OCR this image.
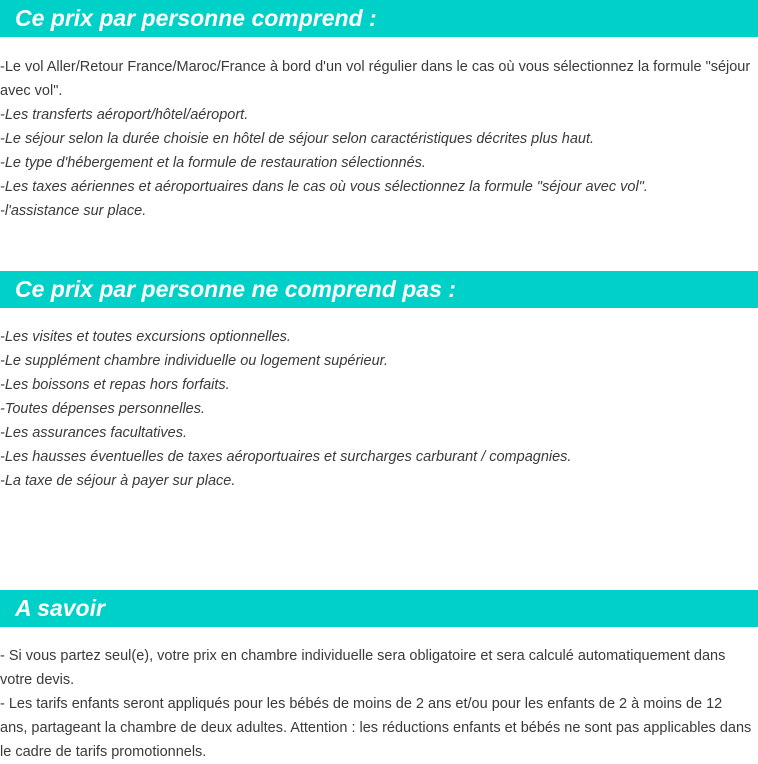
Ce prix par personne comprend :
-Le vol Aller/Retour France/Maroc/France à bord d'un vol régulier dans le cas où vous sélectionnez la formule "séjour avec vol".
-Les transferts aéroport/hôtel/aéroport.
-Le séjour selon la durée choisie en hôtel de séjour selon caractéristiques décrites plus haut.
-Le type d'hébergement et la formule de restauration sélectionnés.
-Les taxes aériennes et aéroportuaires dans le cas où vous sélectionnez la formule "séjour avec vol".
-l'assistance sur place.
Ce prix par personne ne comprend pas :
-Les visites et toutes excursions optionnelles.
-Le supplément chambre individuelle ou logement supérieur.
-Les boissons et repas hors forfaits.
-Toutes dépenses personnelles.
-Les assurances facultatives.
-Les hausses éventuelles de taxes aéroportuaires et surcharges carburant / compagnies.
-La taxe de séjour à payer sur place.
A savoir
- Si vous partez seul(e), votre prix en chambre individuelle sera obligatoire et sera calculé automatiquement dans votre devis.
- Les tarifs enfants seront appliqués pour les bébés de moins de 2 ans et/ou pour les enfants de 2 à moins de 12 ans, partageant la chambre de deux adultes. Attention : les réductions enfants et bébés ne sont pas applicables dans le cadre de tarifs promotionnels.
